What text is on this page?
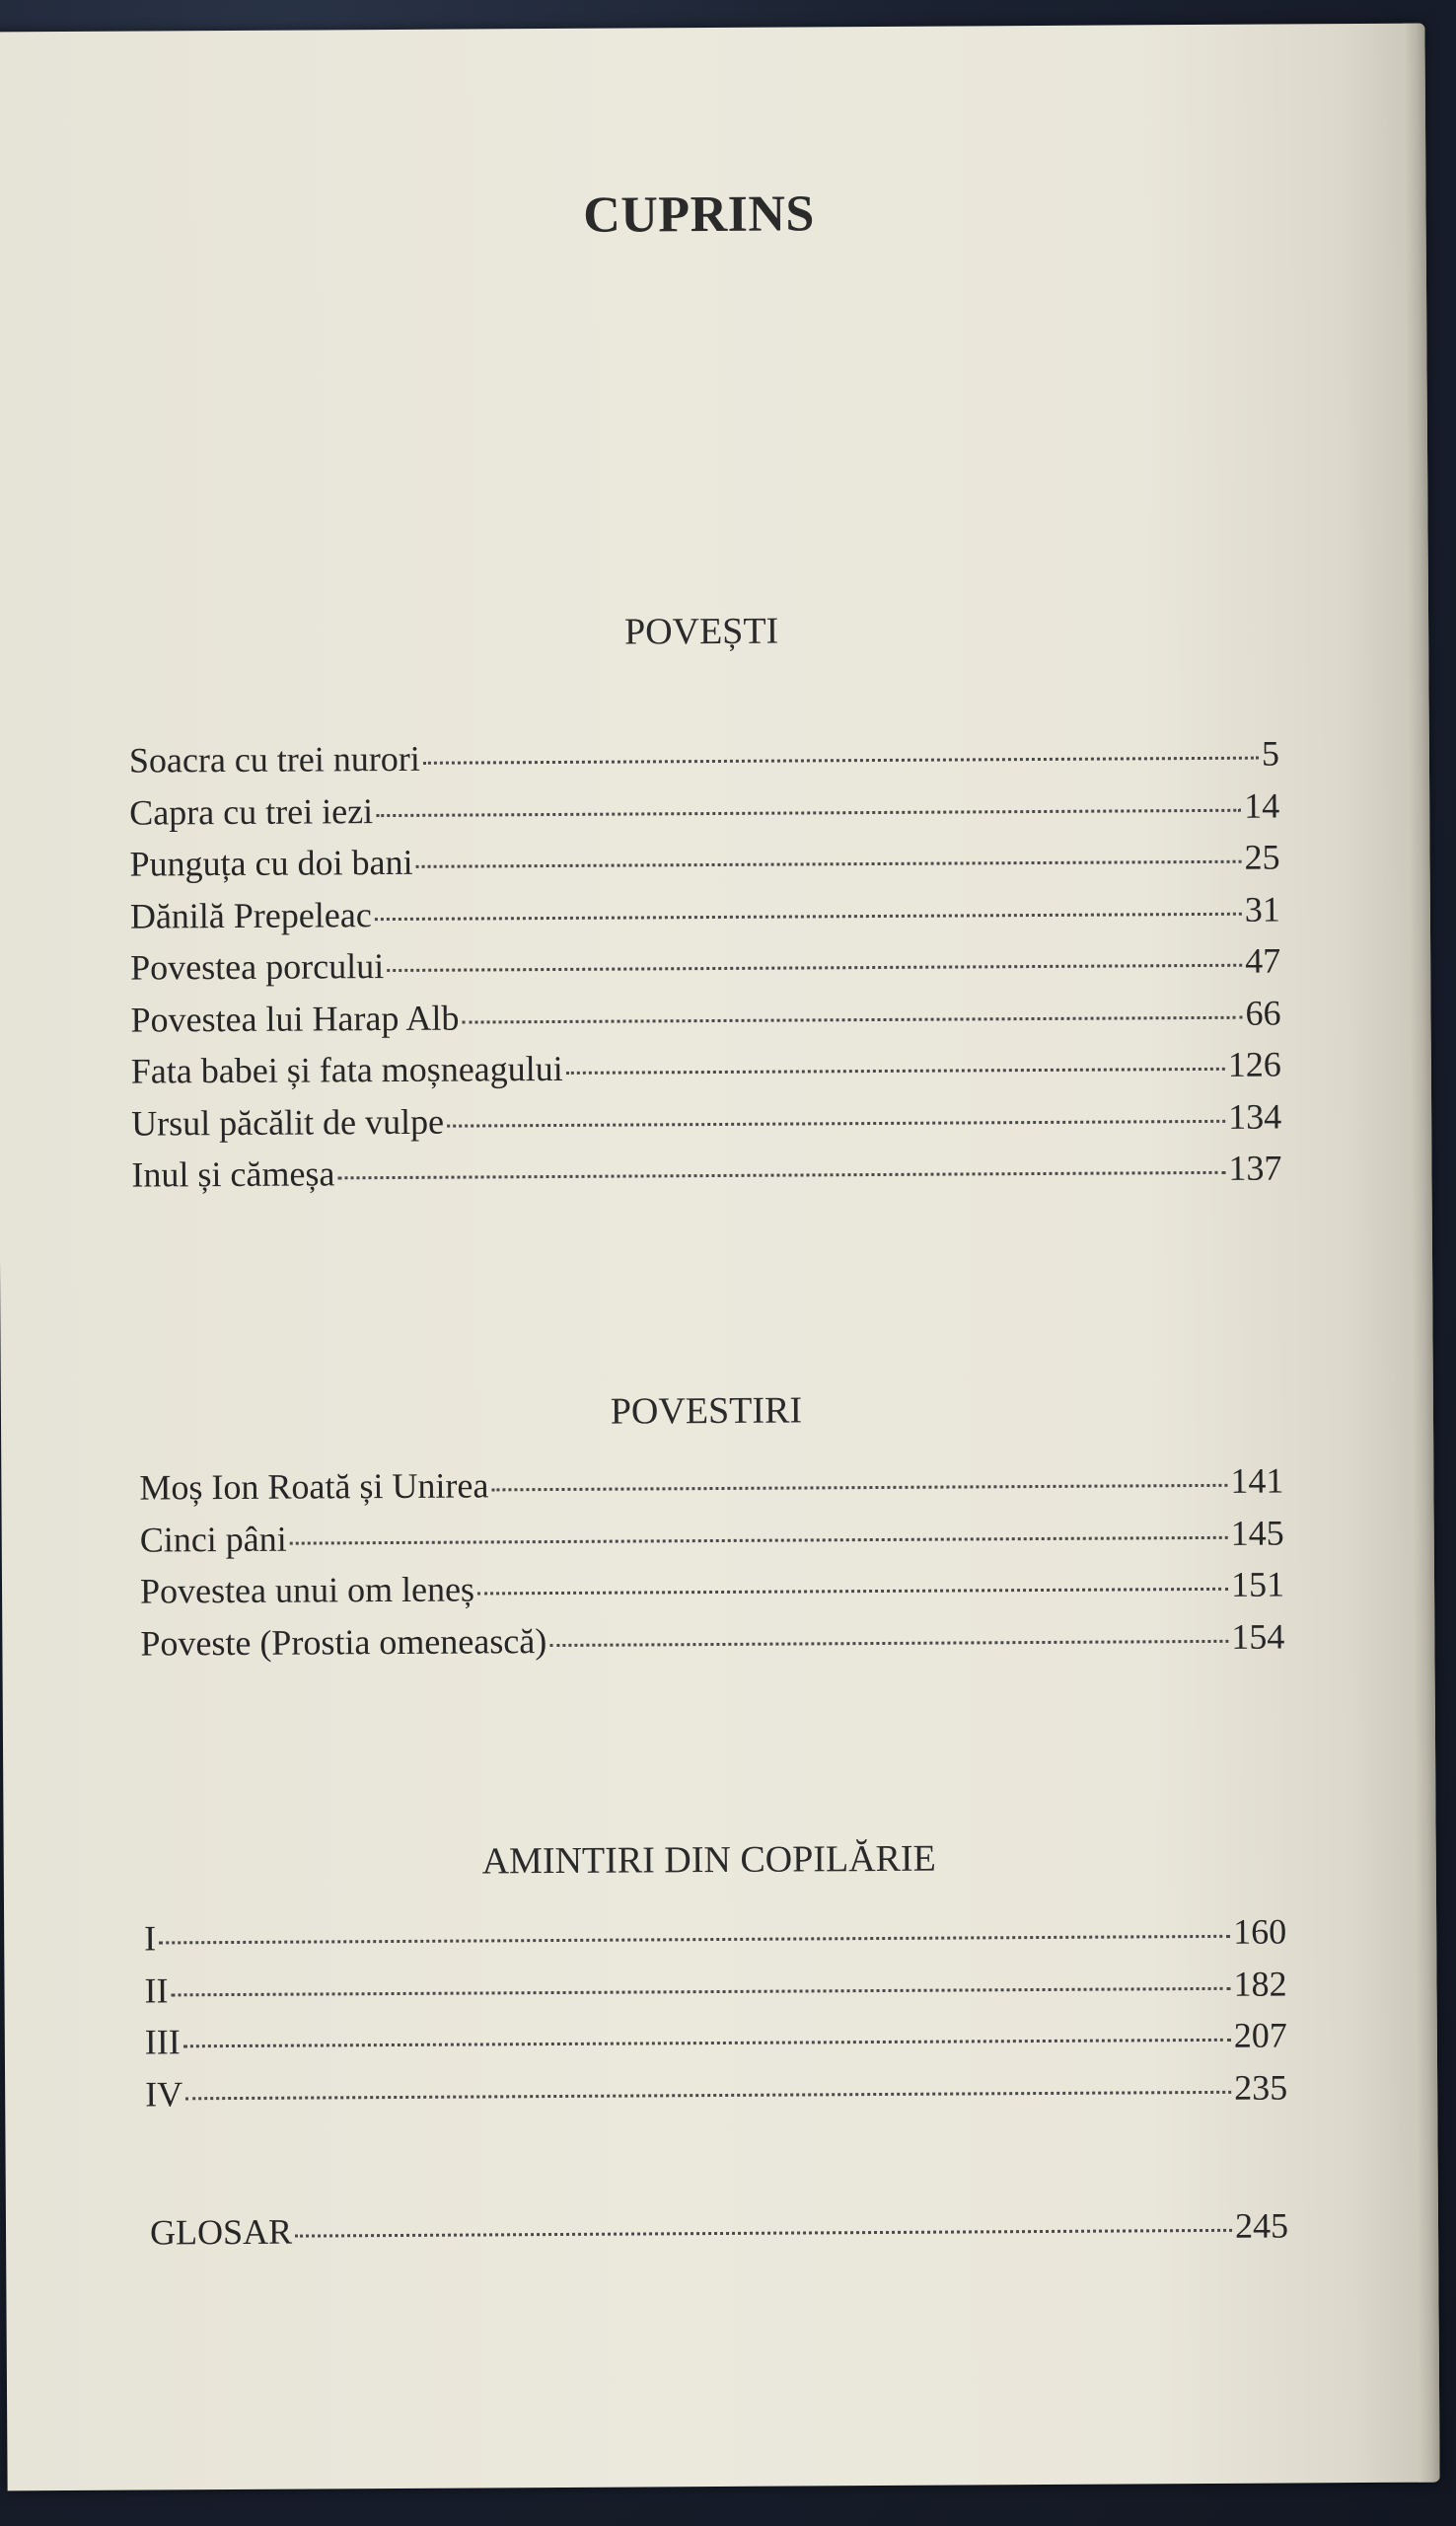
CUPRINS
POVEȘTI
Soacra cu trei nurori	5
Capra cu trei iezi	14
Punguța cu doi bani	25
Dănilă Prepeleac	31
Povestea porcului	47
Povestea lui Harap Alb	66
Fata babei și fata moșneagului	126
Ursul păcălit de vulpe	134
Inul și cămeșa	137
POVESTIRI
Moș Ion Roată și Unirea	141
Cinci pâni	145
Povestea unui om leneș	151
Poveste (Prostia omenească)	154
AMINTIRI DIN COPILĂRIE
I	160
II	182
III	207
IV	235
GLOSAR	245
